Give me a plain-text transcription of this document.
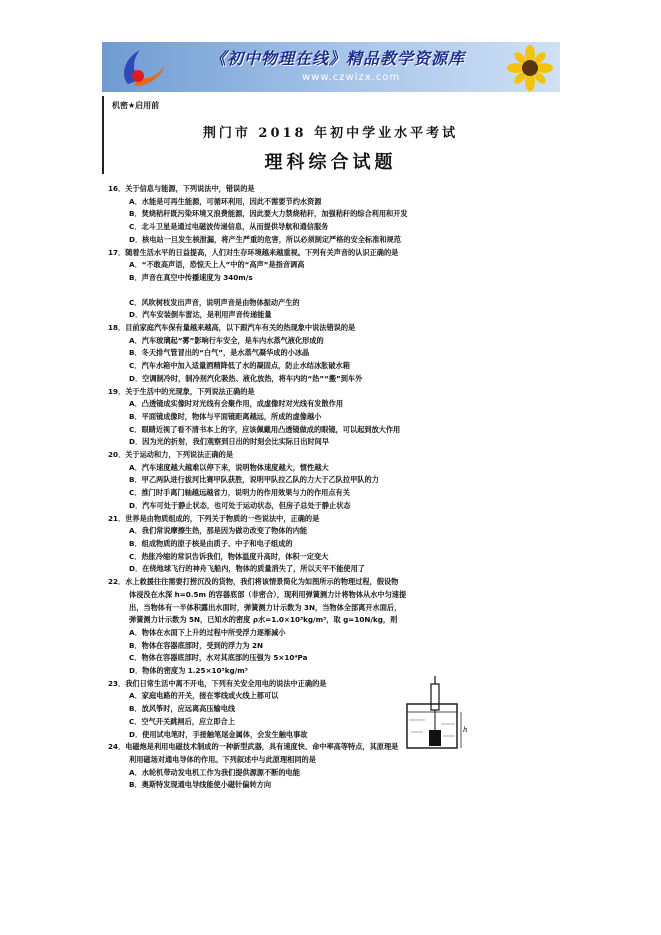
《初中物理在线》精品教学资源库
www.czwlzx.com
机密★启用前
荆门市 2018 年初中学业水平考试
理科综合试题
16．关于信息与能源，下列说法中，错误的是
A．水能是可再生能源，可循环利用，因此不需要节约水资源
B．焚烧秸秆既污染环境又浪费能源，因此要大力禁烧秸秆，加强秸秆的综合利用和开发
C．北斗卫星是通过电磁波传递信息，从而提供导航和通信服务
D．核电站一旦发生核泄漏，将产生严重的危害，所以必须制定严格的安全标准和规范
17．随着生活水平的日益提高，人们对生存环境越来越重视。下列有关声音的认识正确的是
A．“不敢高声语，恐惊天上人”中的“高声”是指音调高
B．声音在真空中传播速度为 340m/s
C．风吹树枝发出声音，说明声音是由物体振动产生的
D．汽车安装倒车雷达，是利用声音传递能量
18．目前家庭汽车保有量越来越高，以下跟汽车有关的热现象中说法错误的是
A．汽车玻璃起“雾”影响行车安全，是车内水蒸气液化形成的
B．冬天排气管冒出的“白气”，是水蒸气凝华成的小冰晶
C．汽车水箱中加入适量酒精降低了水的凝固点，防止水结冰胀破水箱
D．空调制冷时，制冷剂汽化吸热、液化放热，将车内的“热”“搬”到车外
19．关于生活中的光现象，下列说法正确的是
A．凸透镜成实像时对光线有会聚作用，成虚像时对光线有发散作用
B．平面镜成像时，物体与平面镜距离越远，所成的虚像越小
C．眼睛近视了看不清书本上的字，应该佩戴用凸透镜做成的眼镜，可以起到放大作用
D．因为光的折射，我们观察到日出的时刻会比实际日出时间早
20．关于运动和力，下列说法正确的是
A．汽车速度越大越难以停下来，说明物体速度越大，惯性越大
B．甲乙两队进行拔河比赛甲队获胜，说明甲队拉乙队的力大于乙队拉甲队的力
C．推门时手离门轴越远越省力，说明力的作用效果与力的作用点有关
D．汽车可处于静止状态，也可处于运动状态，但房子总处于静止状态
21．世界是由物质组成的，下列关于物质的一些说法中，正确的是
A．我们常说摩擦生热，那是因为做功改变了物体的内能
B．组成物质的原子核是由质子、中子和电子组成的
C．热胀冷缩的常识告诉我们，物体温度升高时，体积一定变大
D．在绕地球飞行的神舟飞船内，物体的质量消失了，所以天平不能使用了
22．水上救援往往需要打捞沉没的货物，我们将该情景简化为如图所示的物理过程，假设物
体浸没在水深 h=0.5m 的容器底部（非密合），现利用弹簧测力计将物体从水中匀速提
出，当物体有一半体积露出水面时，弹簧测力计示数为 3N，当物体全部离开水面后，
弹簧测力计示数为 5N，已知水的密度 ρ水=1.0×10³kg/m³，取 g=10N/kg，则
A．物体在水面下上升的过程中所受浮力逐渐减小
B．物体在容器底部时，受到的浮力为 2N
C．物体在容器底部时，水对其底部的压强为 5×10⁴Pa
D．物体的密度为 1.25×10³kg/m³
23．我们日常生活中离不开电，下列有关安全用电的说法中正确的是
A．家庭电路的开关，接在零线或火线上都可以
B．放风筝时，应远离高压输电线
C．空气开关跳闸后，应立即合上
D．使用试电笔时，手接触笔尾金属体，会发生触电事故
24．电磁炮是利用电磁技术制成的一种新型武器，具有速度快、命中率高等特点，其原理是
利用磁场对通电导体的作用。下列叙述中与此原理相同的是
A．水轮机带动发电机工作为我们提供源源不断的电能
B．奥斯特发现通电导线能使小磁针偏转方向
h
